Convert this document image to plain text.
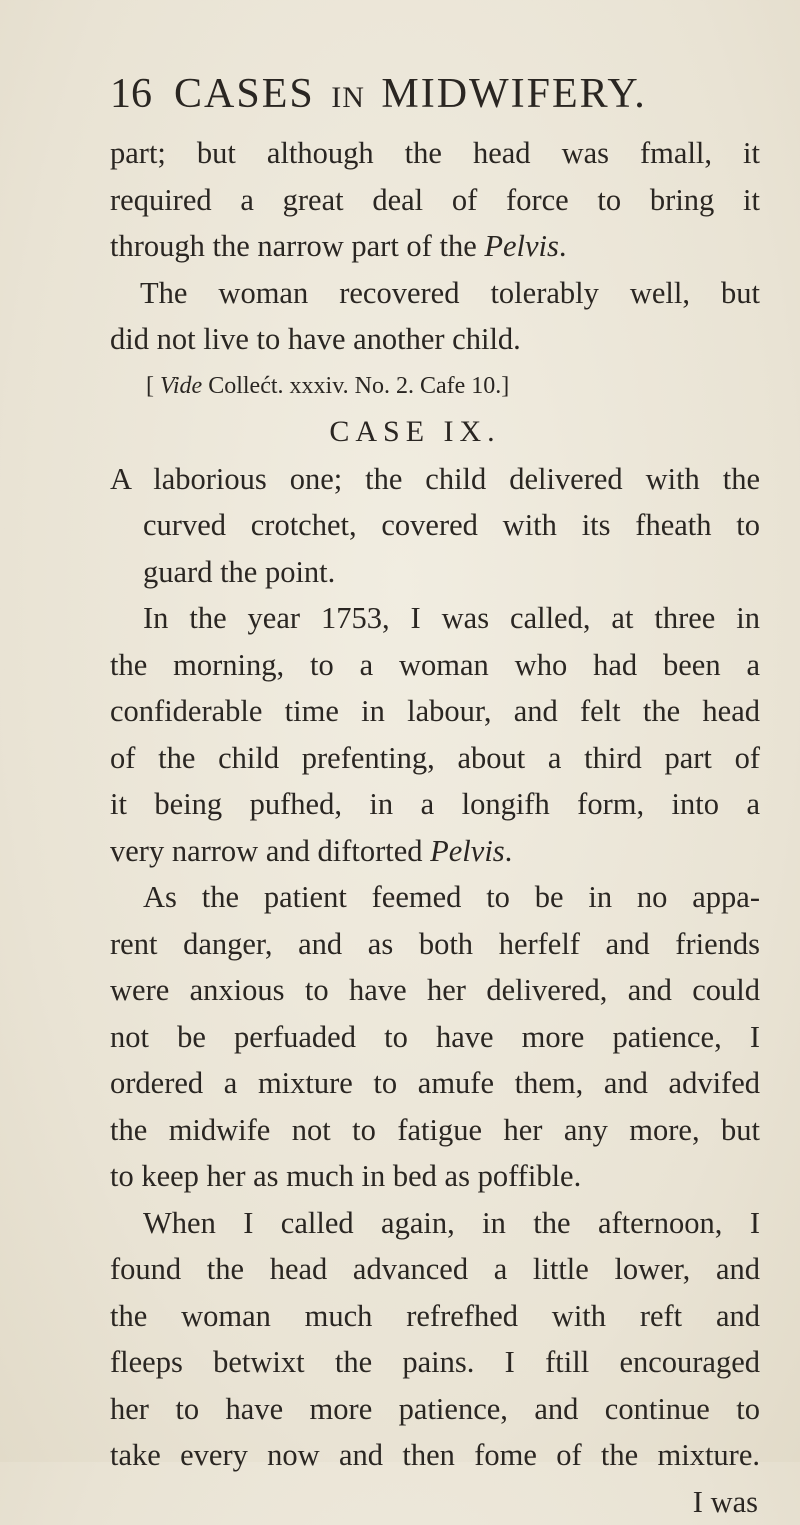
16 CASES IN MIDWIFERY.
part; but although the head was fmall, it
required a great deal of force to bring it
through the narrow part of the Pelvis.
The woman recovered tolerably well, but
did not live to have another child.
[ Vide Collećt. xxxiv. No. 2. Cafe 10.]
CASE IX.
A laborious one; the child delivered with the
curved crotchet, covered with its fheath to
guard the point.
In the year 1753, I was called, at three in
the morning, to a woman who had been a
confiderable time in labour, and felt the head
of the child prefenting, about a third part of
it being pufhed, in a longifh form, into a
very narrow and diftorted Pelvis.
As the patient feemed to be in no appa-
rent danger, and as both herfelf and friends
were anxious to have her delivered, and could
not be perfuaded to have more patience, I
ordered a mixture to amufe them, and advifed
the midwife not to fatigue her any more, but
to keep her as much in bed as poffible.
When I called again, in the afternoon, I
found the head advanced a little lower, and
the woman much refrefhed with reft and
fleeps betwixt the pains. I ftill encouraged
her to have more patience, and continue to
take every now and then fome of the mixture.
I was
